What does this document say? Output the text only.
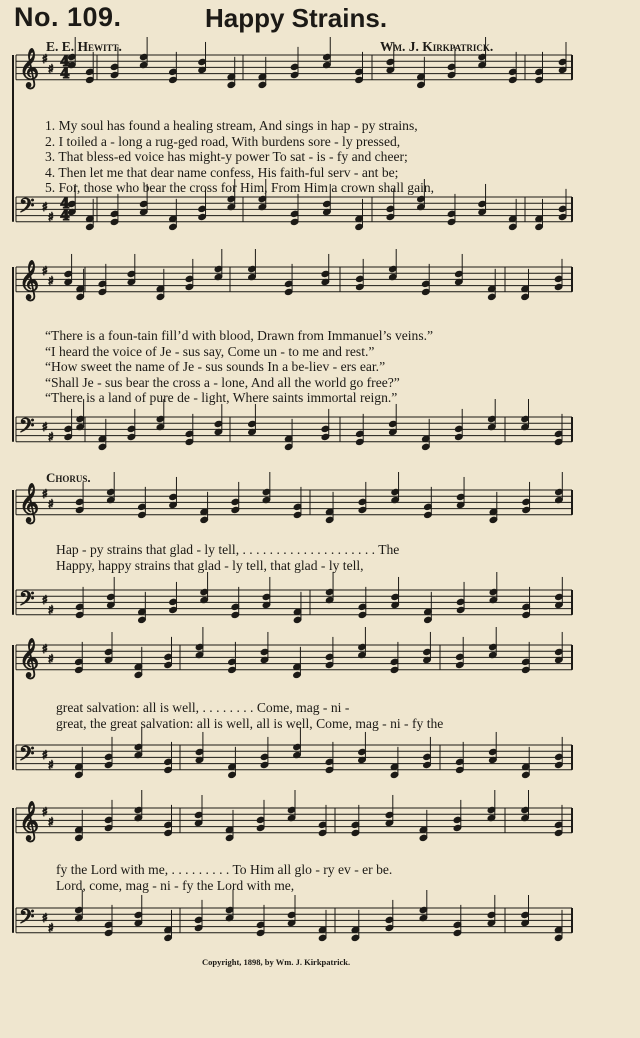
No. 109.	Happy Strains.
E. E. Hewitt.	Wm. J. Kirkpatrick.
𝄞 ♯
♯
𝄢 ♯
♯
𝄞 ♯
♯
𝄢 ♯
♯
𝄞 ♯
♯
𝄢 ♯
♯
𝄞 ♯
♯
𝄢 ♯
♯
𝄞 ♯
♯
𝄢 ♯
♯
4
4
4
4
1. My soul has found a healing stream, And sings in hap - py strains,
2. I toiled a - long a rug-ged road, With burdens sore - ly pressed,
3. That bless-ed voice has might-y power To sat - is - fy and cheer;
4. Then let me that dear name confess, His faith-ful serv - ant be;
5. For, those who bear the cross for Him, From Him a crown shall gain,
“There is a foun-tain fill’d with blood, Drawn from Immanuel’s veins.”
“I heard the voice of Je - sus say, Come un - to me and rest.”
“How sweet the name of Je - sus sounds In a be-liev - ers ear.”
“Shall Je - sus bear the cross a - lone, And all the world go free?”
“There is a land of pure de - light, Where saints immortal reign.”
Chorus.
Hap - py strains that glad - ly tell, . . . . . . . . . . . . . . . . . . . . The
Happy, happy strains that glad - ly tell, that glad - ly tell,
great salvation: all is well, . . . . . . . . Come, mag - ni -
great, the great salvation: all is well, all is well, Come, mag - ni - fy the
fy the Lord with me, . . . . . . . . . To Him all glo - ry ev - er be.
Lord, come, mag - ni - fy the Lord with me,
Copyright, 1898, by Wm. J. Kirkpatrick.
